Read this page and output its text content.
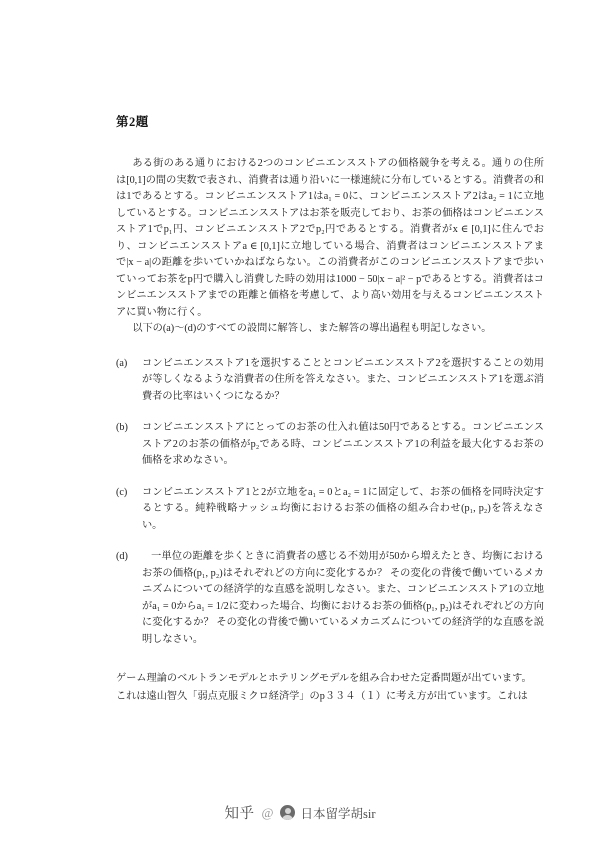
第2題

ある街のある通りにおける2つのコンビニエンスストアの価格競争を考える。通りの住所は[0,1]の間の実数で表され、消費者は通り沿いに一様連続に分布しているとする。消費者の和は1であるとする。コンビニエンスストア1はa₁ = 0に、コンビニエンスストア2はa₂ = 1に立地しているとする。コンビニエンスストアはお茶を販売しており、お茶の価格はコンビニエンスストア1でp₁円、コンビニエンスストア2でp₂円であるとする。消費者がx ∈ [0,1]に住んでおり、コンビニエンスストアa ∈ [0,1]に立地している場合、消費者はコンビニエンスストアまで|x − a|の距離を歩いていかねばならない。この消費者がこのコンビニエンスストアまで歩いていってお茶をp円で購入し消費した時の効用は1000 − 50|x − a|² − pであるとする。消費者はコンビニエンスストアまでの距離と価格を考慮して、より高い効用を与えるコンビニエンスストアに買い物に行く。

以下の(a)〜(d)のすべての設問に解答し、また解答の導出過程も明記しなさい。

(a)	コンビニエンスストア1を選択することとコンビニエンスストア2を選択することの効用が等しくなるような消費者の住所を答えなさい。また、コンビニエンスストア1を選ぶ消費者の比率はいくつになるか？
(b)	コンビニエンスストアにとってのお茶の仕入れ値は50円であるとする。コンビニエンスストア2のお茶の価格がp₂である時、コンビニエンスストア1の利益を最大化するお茶の価格を求めなさい。
(c)	コンビニエンスストア1と2が立地をa₁ = 0とa₂ = 1に固定して、お茶の価格を同時決定するとする。純粋戦略ナッシュ均衡におけるお茶の価格の組み合わせ(p₁, p₂)を答えなさい。
(d)	一単位の距離を歩くときに消費者の感じる不効用が50から増えたとき、均衡におけるお茶の価格(p₁, p₂)はそれぞれどの方向に変化するか？ その変化の背後で働いているメカニズムについての経済学的な直感を説明しなさい。また、コンビニエンスストア1の立地がa₁ = 0からa₁ = 1/2に変わった場合、均衡におけるお茶の価格(p₁, p₂)はそれぞれどの方向に変化するか？ その変化の背後で働いているメカニズムについての経済学的な直感を説明しなさい。

ゲーム理論のベルトランモデルとホテリングモデルを組み合わせた定番問題が出ています。

これは遠山智久「弱点克服ミクロ経済学」のp３３４（１）に考え方が出ています。これは

知乎 @ 日本留学胡sir
